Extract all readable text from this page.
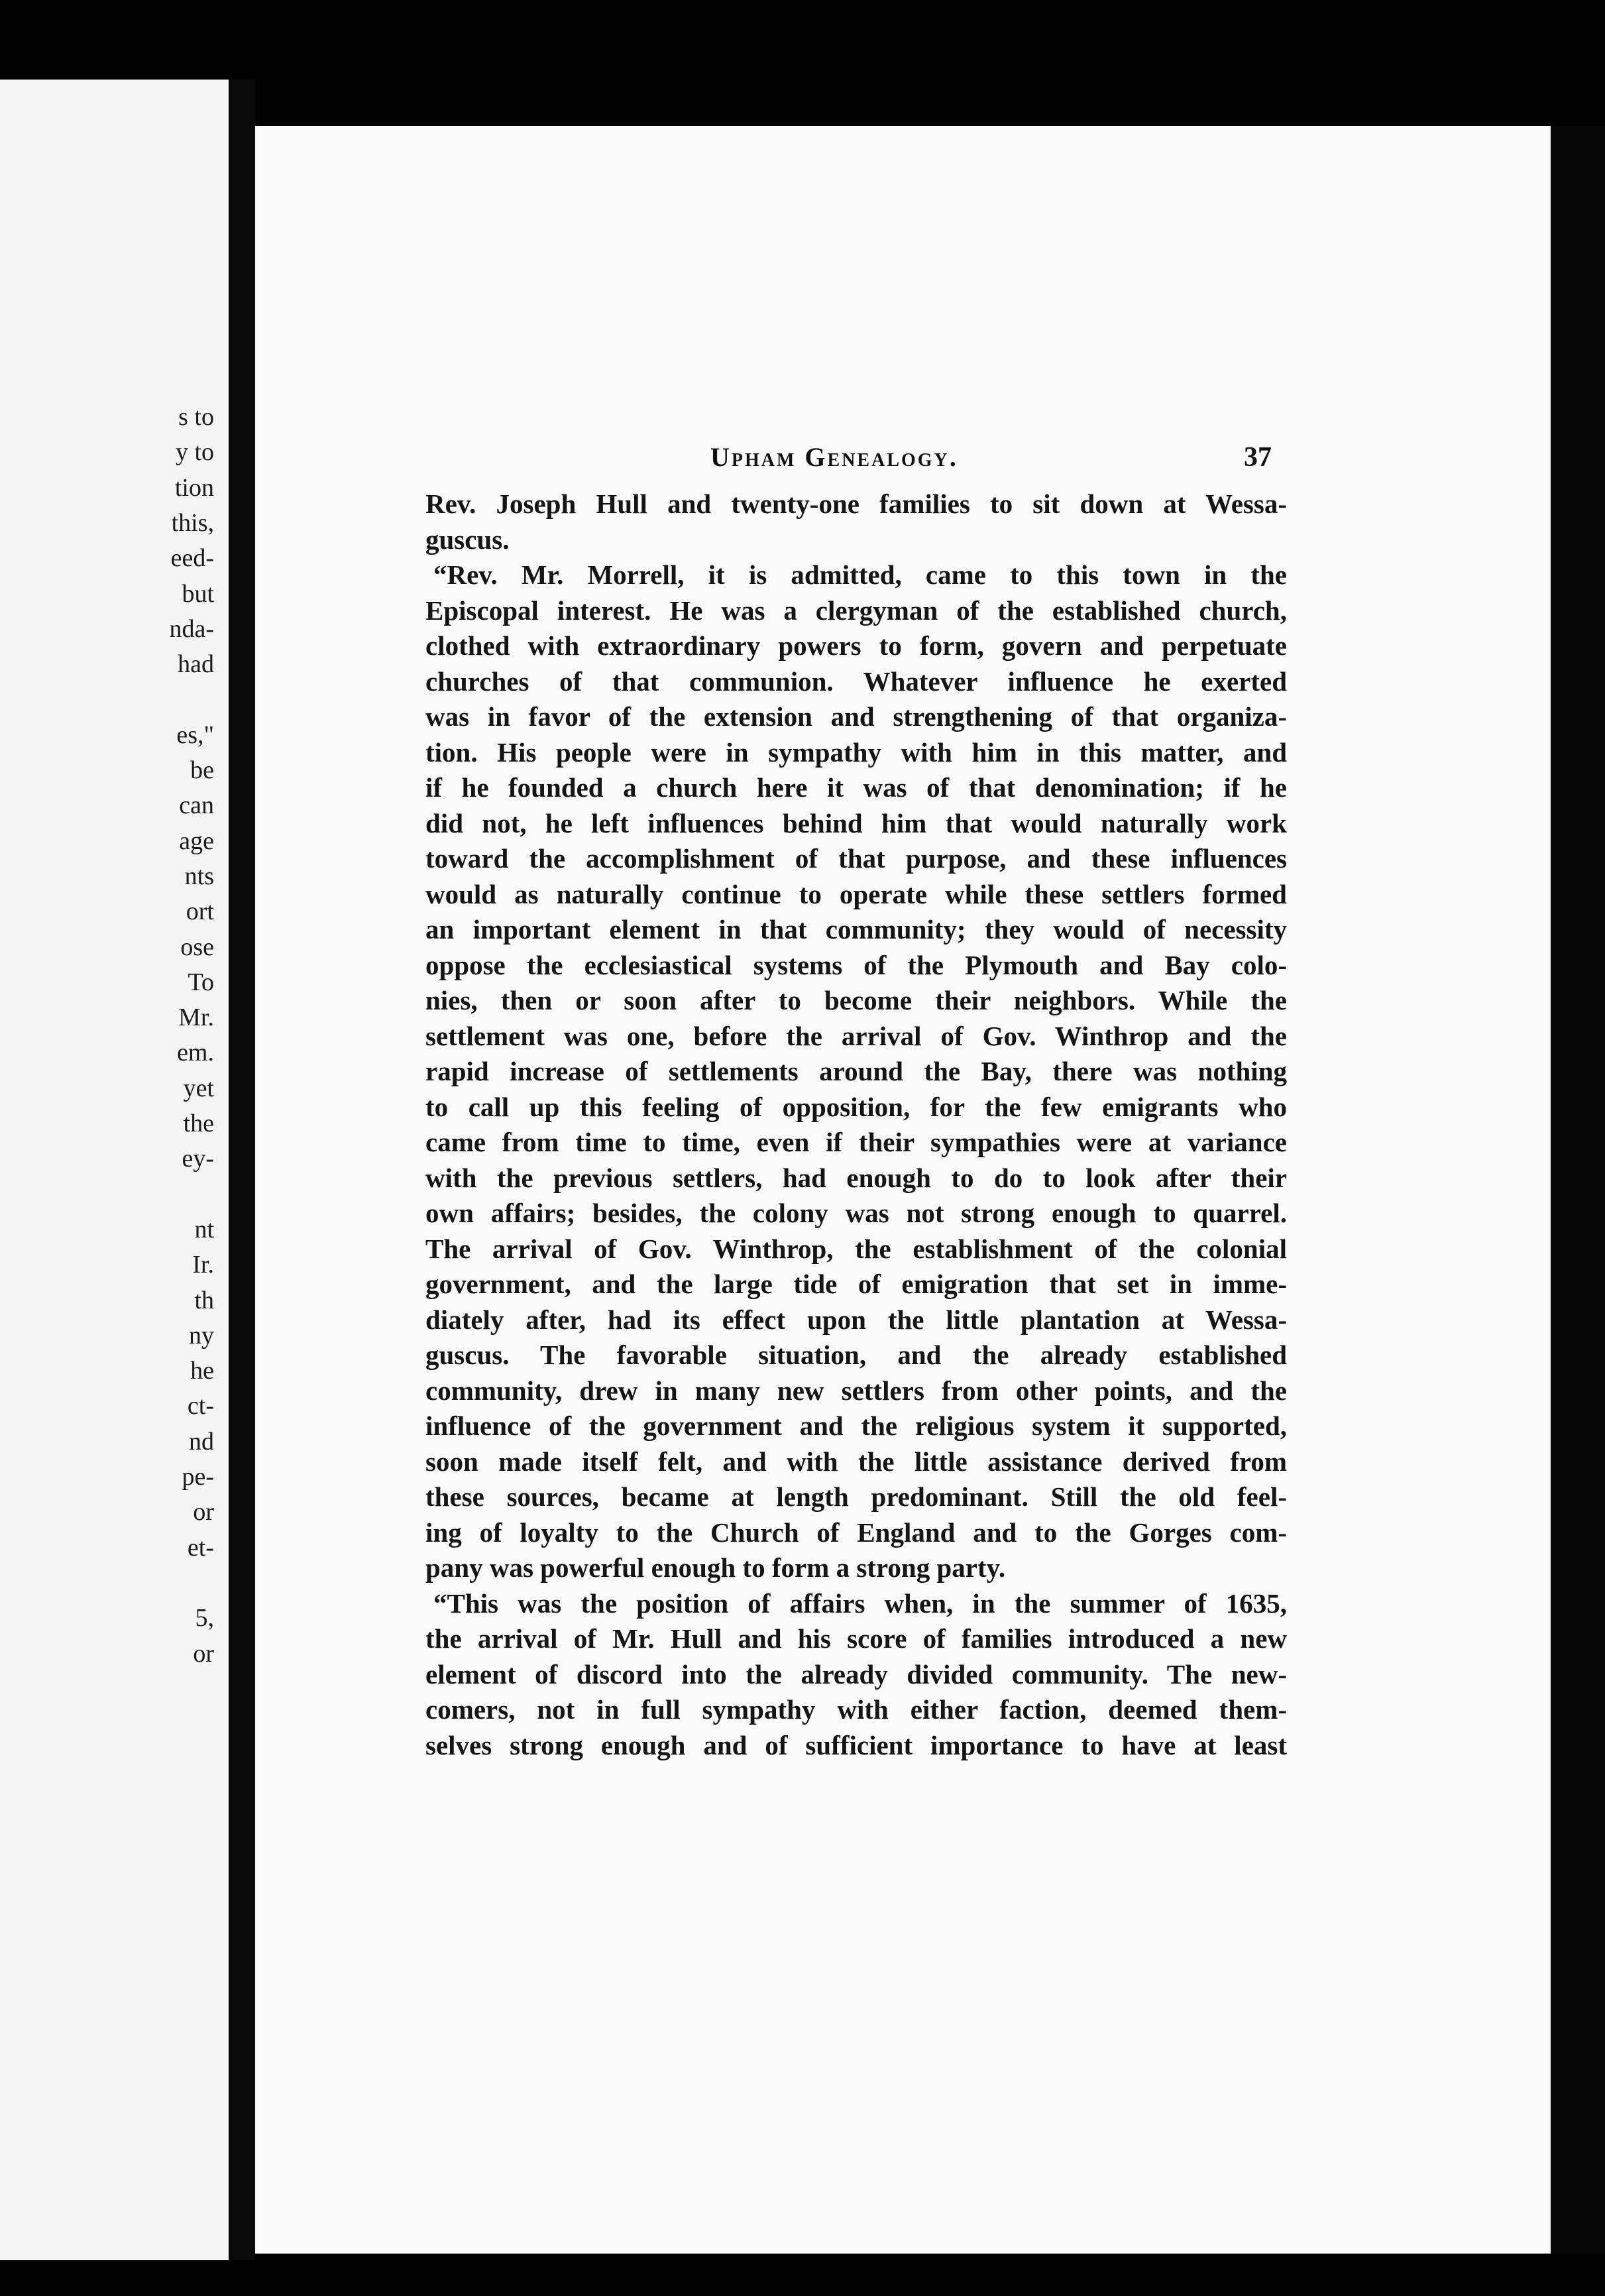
s to
y to
tion
this,
eed-
but
nda-
had
es,"
be
can
age
nts
ort
ose
To
Mr.
em.
yet
the
ey-
nt
Ir.
th
ny
he
ct-
nd
pe-
or
et-
5,
or
Upham Genealogy.	37
Rev. Joseph Hull and twenty-one families to sit down at Wessa-
guscus.
“Rev. Mr. Morrell, it is admitted, came to this town in the
Episcopal interest. He was a clergyman of the established church,
clothed with extraordinary powers to form, govern and perpetuate
churches of that communion. Whatever influence he exerted
was in favor of the extension and strengthening of that organiza-
tion. His people were in sympathy with him in this matter, and
if he founded a church here it was of that denomination; if he
did not, he left influences behind him that would naturally work
toward the accomplishment of that purpose, and these influences
would as naturally continue to operate while these settlers formed
an important element in that community; they would of necessity
oppose the ecclesiastical systems of the Plymouth and Bay colo-
nies, then or soon after to become their neighbors. While the
settlement was one, before the arrival of Gov. Winthrop and the
rapid increase of settlements around the Bay, there was nothing
to call up this feeling of opposition, for the few emigrants who
came from time to time, even if their sympathies were at variance
with the previous settlers, had enough to do to look after their
own affairs; besides, the colony was not strong enough to quarrel.
The arrival of Gov. Winthrop, the establishment of the colonial
government, and the large tide of emigration that set in imme-
diately after, had its effect upon the little plantation at Wessa-
guscus. The favorable situation, and the already established
community, drew in many new settlers from other points, and the
influence of the government and the religious system it supported,
soon made itself felt, and with the little assistance derived from
these sources, became at length predominant. Still the old feel-
ing of loyalty to the Church of England and to the Gorges com-
pany was powerful enough to form a strong party.
“This was the position of affairs when, in the summer of 1635,
the arrival of Mr. Hull and his score of families introduced a new
element of discord into the already divided community. The new-
comers, not in full sympathy with either faction, deemed them-
selves strong enough and of sufficient importance to have at least
